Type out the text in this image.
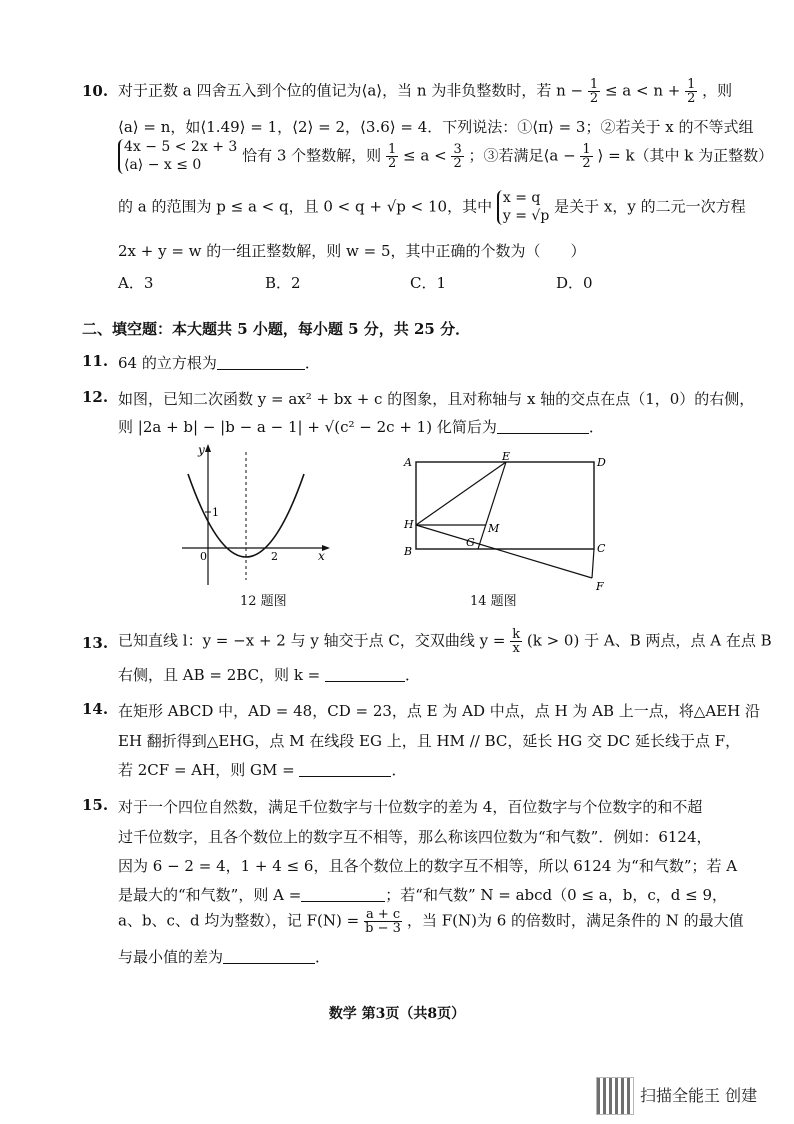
10. 对于正数 a 四舍五入到个位的值记为⟨a⟩，当 n 为非负整数时，若 $n - \frac{1}{2} \le a < n + \frac{1}{2}$ ，则
⟨a⟩ = n，如⟨1.49⟩ = 1，⟨2⟩ = 2，⟨3.6⟩ = 4．下列说法：①⟨π⟩ = 3；②若关于 x 的不等式组
4x − 5 < 2x + 3
⟨a⟩ − x ≤ 0	恰有 3 个整数解，则 $\frac{1}{2} \le a < \frac{3}{2}$ ；③若满足⟨a − $\frac{1}{2}$ ⟩ = k（其中 k 为正整数）
的 a 的范围为 p ≤ a < q，且 0 < q + √p < 10，其中 x = q
y = √p 是关于 x，y 的二元一次方程
2x + y = w 的一组正整数解，则 w = 5，其中正确的个数为（　　）
A．3	B．2	C．1	D．0
二、填空题：本大题共 5 小题，每小题 5 分，共 25 分．
11. 64 的立方根为	．
12. 如图，已知二次函数 y = ax² + bx + c 的图象，且对称轴与 x 轴的交点在点（1，0）的右侧，
则 |2a + b| − |b − a − 1| + √(c² − 2c + 1) 化简后为	．
y
x
0
1
2
12 题图
A	D
E
H	M
G
B	C
F
14 题图
13. 已知直线 l：y = −x + 2 与 y 轴交于点 C，交双曲线 $y = \frac{k}{x} (k > 0)$ 于 A、B 两点，点 A 在点 B
右侧，且 AB = 2BC，则 k =	．
14. 在矩形 ABCD 中，AD = 48，CD = 23，点 E 为 AD 中点，点 H 为 AB 上一点，将△AEH 沿
EH 翻折得到△EHG，点 M 在线段 EG 上，且 HM // BC，延长 HG 交 DC 延长线于点 F，
若 2CF = AH，则 GM =	．
15. 对于一个四位自然数，满足千位数字与十位数字的差为 4，百位数字与个位数字的和不超
过千位数字，且各个数位上的数字互不相等，那么称该四位数为“和气数”．例如：6124，
因为 6 − 2 = 4，1 + 4 ≤ 6，且各个数位上的数字互不相等，所以 6124 为“和气数”；若 A
是最大的“和气数”，则 A =	；若“和气数” N = abcd（0 ≤ a，b，c，d ≤ 9，
a、b、c、d 均为整数），记 $F(N) = \frac{a + c}{b - 3}$ ，当 F(N)为 6 的倍数时，满足条件的 N 的最大值
与最小值的差为	．
数学 第3页（共8页）
扫描全能王 创建
